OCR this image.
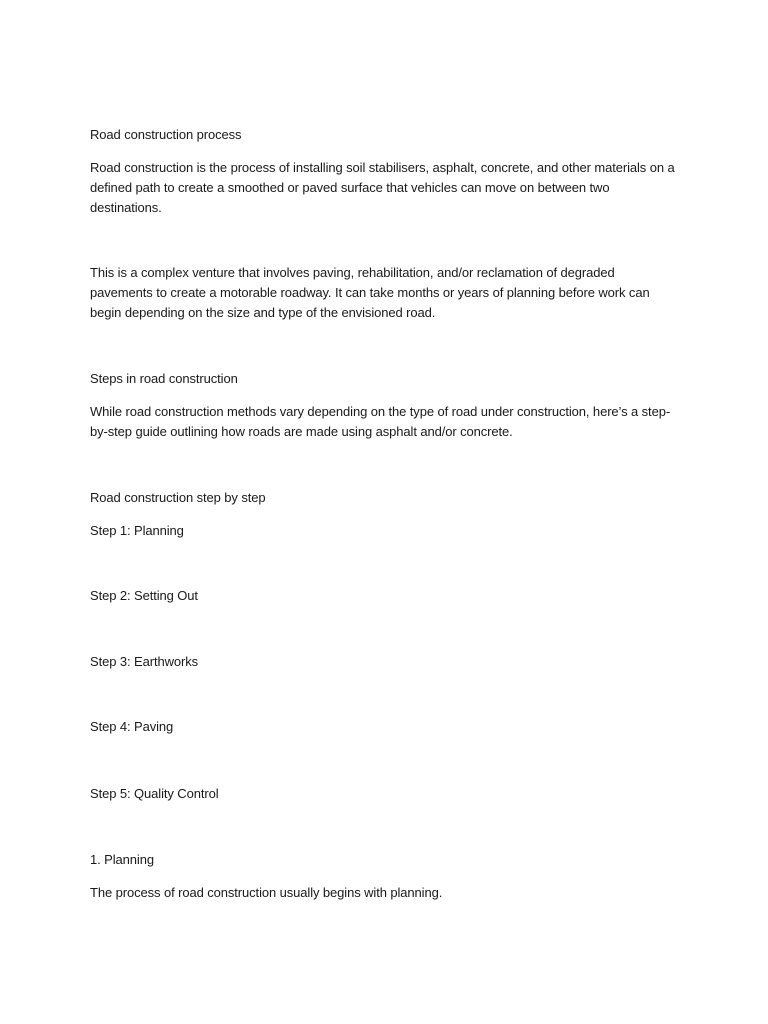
Road construction process

Road construction is the process of installing soil stabilisers, asphalt, concrete, and other materials on a defined path to create a smoothed or paved surface that vehicles can move on between two destinations.

This is a complex venture that involves paving, rehabilitation, and/or reclamation of degraded pavements to create a motorable roadway. It can take months or years of planning before work can begin depending on the size and type of the envisioned road.

Steps in road construction

While road construction methods vary depending on the type of road under construction, here’s a step-by-step guide outlining how roads are made using asphalt and/or concrete.

Road construction step by step

Step 1: Planning

Step 2: Setting Out

Step 3: Earthworks

Step 4: Paving

Step 5: Quality Control

1. Planning

The process of road construction usually begins with planning.
